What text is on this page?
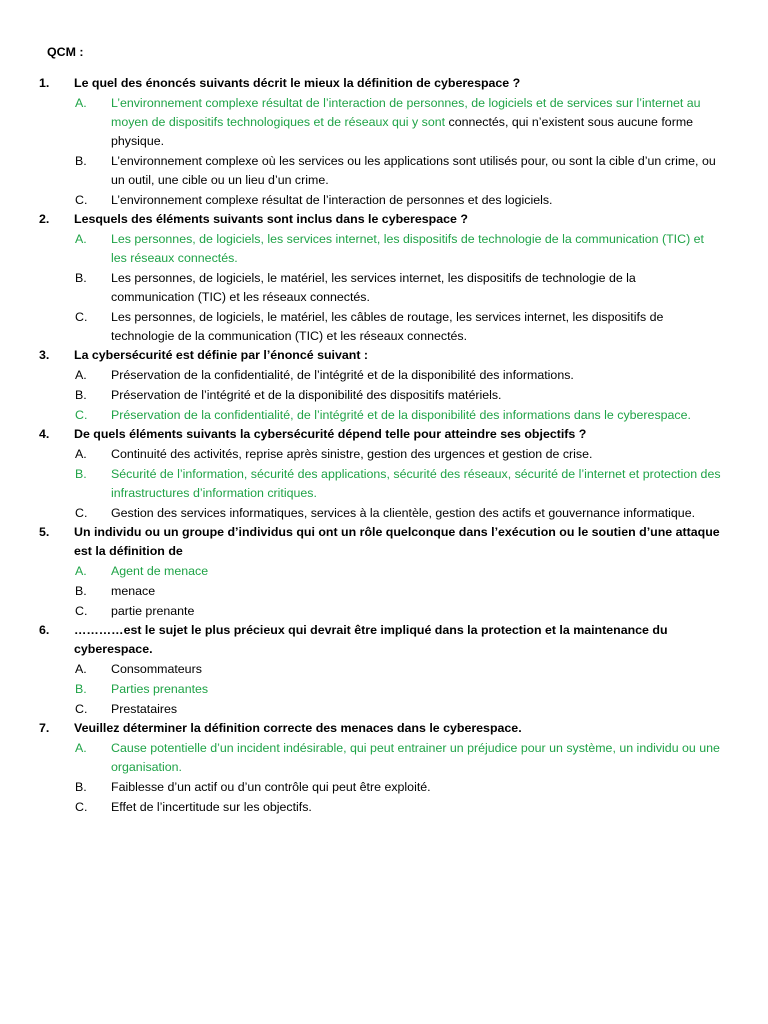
QCM :

1. Le quel des énoncés suivants décrit le mieux la définition de cyberespace ?

A. L’environnement complexe résultat de l’interaction de personnes, de logiciels et de services sur l’internet au moyen de dispositifs technologiques et de réseaux qui y sont connectés, qui n’existent sous aucune forme physique.
B. L’environnement complexe où les services ou les applications sont utilisés pour, ou sont la cible d’un crime, ou un outil, une cible ou un lieu d’un crime.
C. L’environnement complexe résultat de l’interaction de personnes et des logiciels.
2. Lesquels des éléments suivants sont inclus dans le cyberespace ?

A. Les personnes, de logiciels, les services internet, les dispositifs de technologie de la communication (TIC) et les réseaux connectés.
B. Les personnes, de logiciels, le matériel, les services internet, les dispositifs de technologie de la communication (TIC) et les réseaux connectés.
C. Les personnes, de logiciels, le matériel, les câbles de routage, les services internet, les dispositifs de technologie de la communication (TIC) et les réseaux connectés.
3. La cybersécurité est définie par l’énoncé suivant :

A. Préservation de la confidentialité, de l’intégrité et de la disponibilité des informations.
B. Préservation de l’intégrité et de la disponibilité des dispositifs matériels.
C. Préservation de la confidentialité, de l’intégrité et de la disponibilité des informations dans le cyberespace.
4. De quels éléments suivants la cybersécurité dépend telle pour atteindre ses objectifs ?

A. Continuité des activités, reprise après sinistre, gestion des urgences et gestion de crise.
B. Sécurité de l’information, sécurité des applications, sécurité des réseaux, sécurité de l’internet et protection des infrastructures d’information critiques.
C. Gestion des services informatiques, services à la clientèle, gestion des actifs et gouvernance informatique.
5. Un individu ou un groupe d’individus qui ont un rôle quelconque dans l’exécution ou le soutien d’une attaque est la définition de

A. Agent de menace
B. menace
C. partie prenante
6. …………est le sujet le plus précieux qui devrait être impliqué dans la protection et la maintenance du cyberespace.

A. Consommateurs
B. Parties prenantes
C. Prestataires
7. Veuillez déterminer la définition correcte des menaces dans le cyberespace.

A. Cause potentielle d’un incident indésirable, qui peut entrainer un préjudice pour un système, un individu ou une organisation.
B. Faiblesse d’un actif ou d’un contrôle qui peut être exploité.
C. Effet de l’incertitude sur les objectifs.
